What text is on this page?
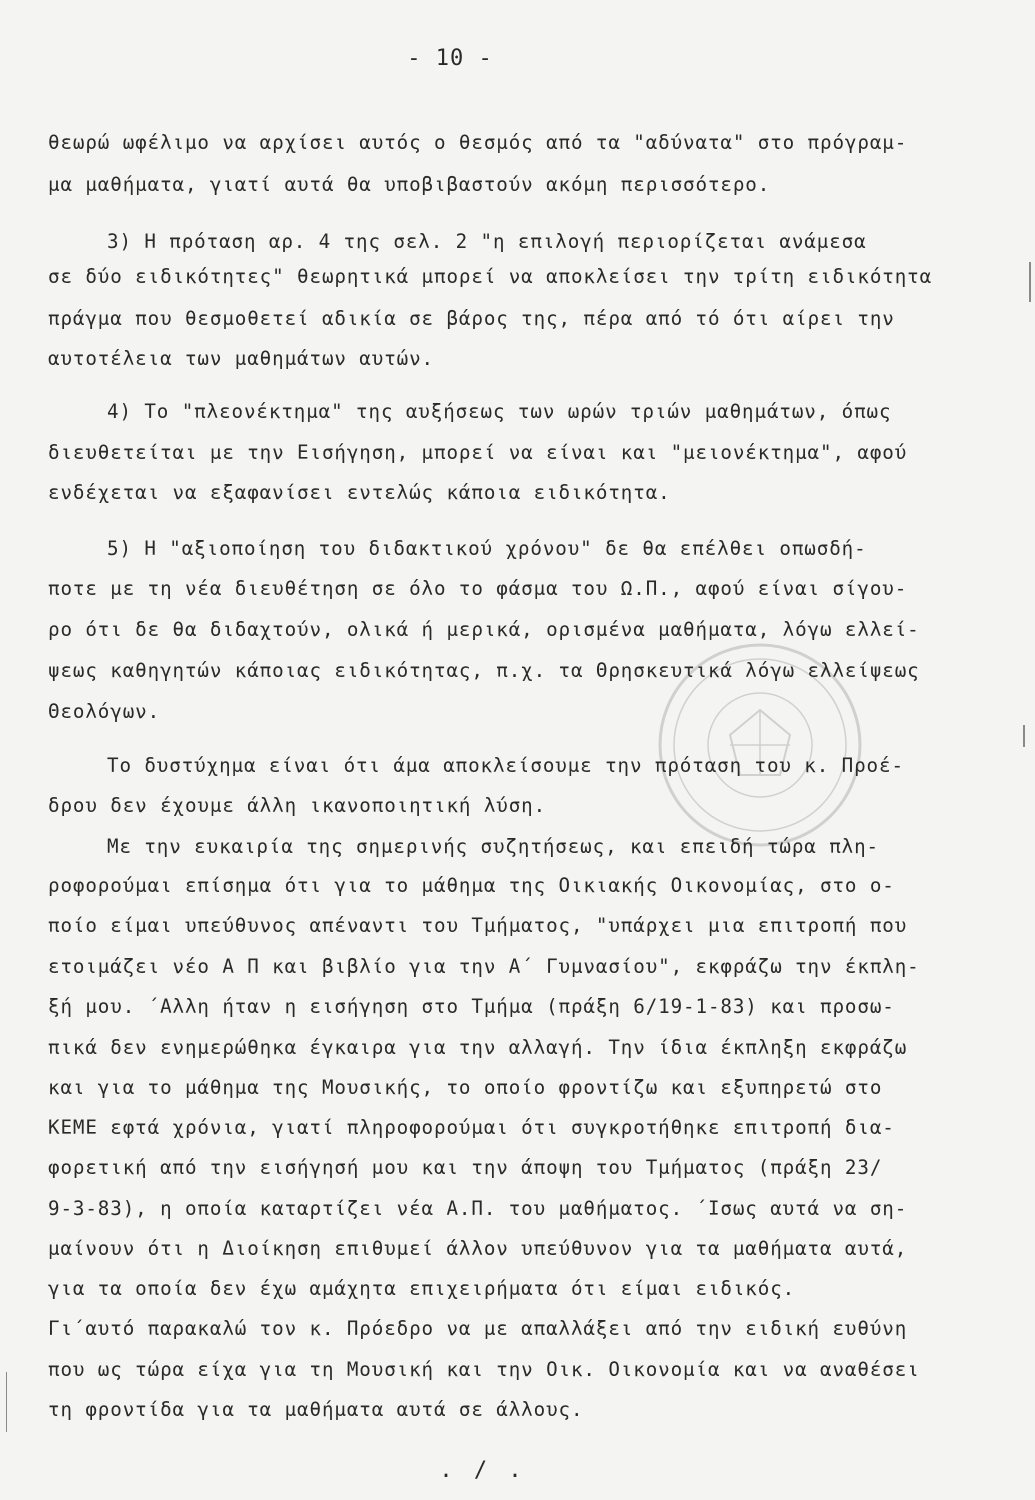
- 10 -
θεωρώ ωφέλιμο να αρχίσει αυτός ο θεσμός από τα "αδύνατα" στο πρόγραμ-
μα μαθήματα, γιατί αυτά θα υποβιβαστούν ακόμη περισσότερο.
3) Η πρόταση αρ. 4 της σελ. 2 "η επιλογή περιορίζεται ανάμεσα
σε δύο ειδικότητες" θεωρητικά μπορεί να αποκλείσει την τρίτη ειδικότητα
πράγμα που θεσμοθετεί αδικία σε βάρος της, πέρα από τό ότι αίρει την
αυτοτέλεια των μαθημάτων αυτών.
4) Το "πλεονέκτημα" της αυξήσεως των ωρών τριών μαθημάτων, όπως
διευθετείται με την Εισήγηση, μπορεί να είναι και "μειονέκτημα", αφού
ενδέχεται να εξαφανίσει εντελώς κάποια ειδικότητα.
5) Η "αξιοποίηση του διδακτικού χρόνου" δε θα επέλθει οπωσδή-
ποτε με τη νέα διευθέτηση σε όλο το φάσμα του Ω.Π., αφού είναι σίγου-
ρο ότι δε θα διδαχτούν, ολικά ή μερικά, ορισμένα μαθήματα, λόγω ελλεί-
ψεως καθηγητών κάποιας ειδικότητας, π.χ. τα Θρησκευτικά λόγω ελλείψεως
Θεολόγων.
Το δυστύχημα είναι ότι άμα αποκλείσουμε την πρόταση του κ. Προέ-
δρου δεν έχουμε άλλη ικανοποιητική λύση.
Με την ευκαιρία της σημερινής συζητήσεως, και επειδή τώρα πλη-
ροφορούμαι επίσημα ότι για το μάθημα της Οικιακής Οικονομίας, στο ο-
ποίο είμαι υπεύθυνος απέναντι του Τμήματος, "υπάρχει μια επιτροπή που
ετοιμάζει νέο Α Π και βιβλίο για την Α΄ Γυμνασίου", εκφράζω την έκπλη-
ξή μου. ΄Αλλη ήταν η εισήγηση στο Τμήμα (πράξη 6/19-1-83) και προσω-
πικά δεν ενημερώθηκα έγκαιρα για την αλλαγή. Την ίδια έκπληξη εκφράζω
και για το μάθημα της Μουσικής, το οποίο φροντίζω και εξυπηρετώ στο
ΚΕΜΕ εφτά χρόνια, γιατί πληροφορούμαι ότι συγκροτήθηκε επιτροπή δια-
φορετική από την εισήγησή μου και την άποψη του Τμήματος (πράξη 23/
9-3-83), η οποία καταρτίζει νέα Α.Π. του μαθήματος. ΄Ισως αυτά να ση-
μαίνουν ότι η Διοίκηση επιθυμεί άλλον υπεύθυνον για τα μαθήματα αυτά,
για τα οποία δεν έχω αμάχητα επιχειρήματα ότι είμαι ειδικός.
Γι΄αυτό παρακαλώ τον κ. Πρόεδρο να με απαλλάξει από την ειδική ευθύνη
που ως τώρα είχα για τη Μουσική και την Οικ. Οικονομία και να αναθέσει
τη φροντίδα για τα μαθήματα αυτά σε άλλους.
. / .
